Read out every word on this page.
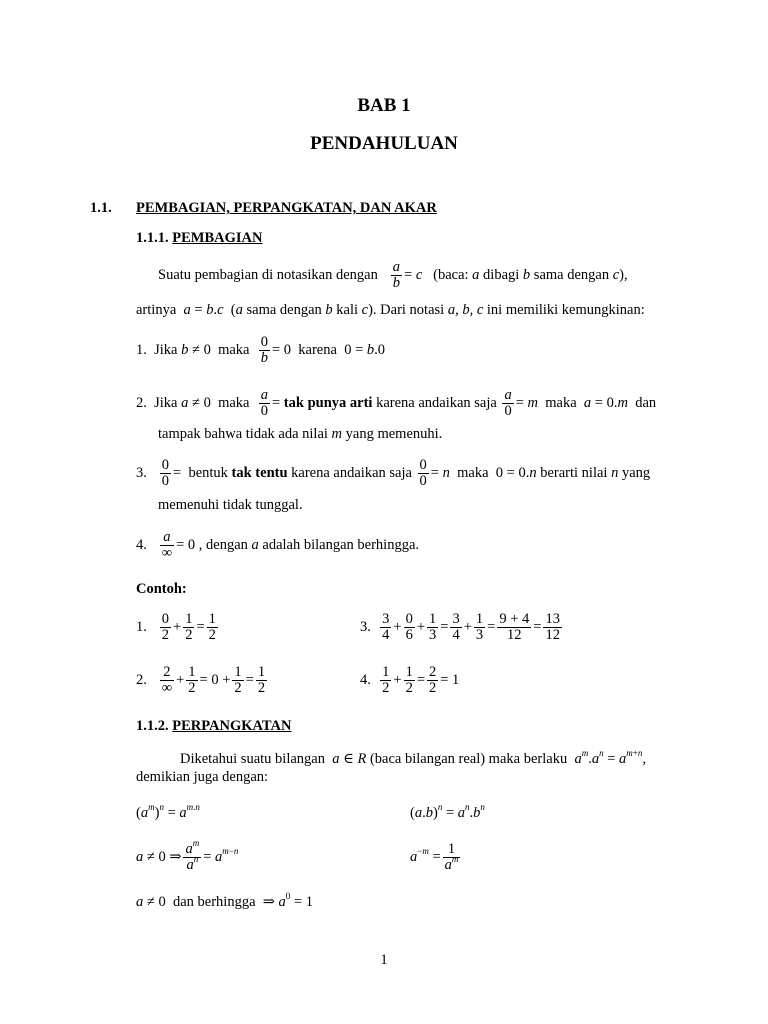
BAB 1
PENDAHULUAN
1.1. PEMBAGIAN, PERPANGKATAN, DAN AKAR
1.1.1. PEMBAGIAN
Suatu pembagian di notasikan dengan $\frac{a}{b} = c$ (baca: a dibagi b sama dengan c),
artinya a = b.c (a sama dengan b kali c). Dari notasi a, b, c ini memiliki kemungkinan:
1. Jika b ≠ 0  maka $\frac{0}{b} = 0$  karena  0 = b.0
2. Jika a ≠ 0  maka $\frac{a}{0}$ = tak punya arti karena andaikan saja $\frac{a}{0} = m$ maka a = 0.m dan
tampak bahwa tidak ada nilai m yang memenuhi.
3. $\frac{0}{0}$ =  bentuk tak tentu karena andaikan saja $\frac{0}{0} = n$ maka  0 = 0.n berarti nilai n yang
memenuhi tidak tunggal.
4.
a
∞ = 0 , dengan a adalah bilangan berhingga.
Contoh:
1. $\frac{0}{2} + \frac{1}{2} = \frac{1}{2}$	3. $\frac{3}{4} + \frac{0}{6} + \frac{1}{3} = \frac{3}{4} + \frac{1}{3} = \frac{9 + 4}{12} = \frac{13}{12}$
2.
2
∞ + $\frac{1}{2} = 0 + \frac{1}{2} = \frac{1}{2}$	4. $\frac{1}{2} + \frac{1}{2} = \frac{2}{2} = 1$
1.1.2. PERPANGKATAN
Diketahui suatu bilangan a ∈ R (baca bilangan real) maka berlaku $a^m.a^n = a^{m+n}$,
demikian juga dengan:
$(a^m)^n = a^{m.n}$	$(a.b)^n = a^n.b^n$
a ≠ 0 ⇒ $\frac{a^m}{a^n} = a^{m-n}$	$a^{-m} = \frac{1}{a^m}$
a ≠ 0  dan berhingga  ⇒ $a^0 = 1$
1
